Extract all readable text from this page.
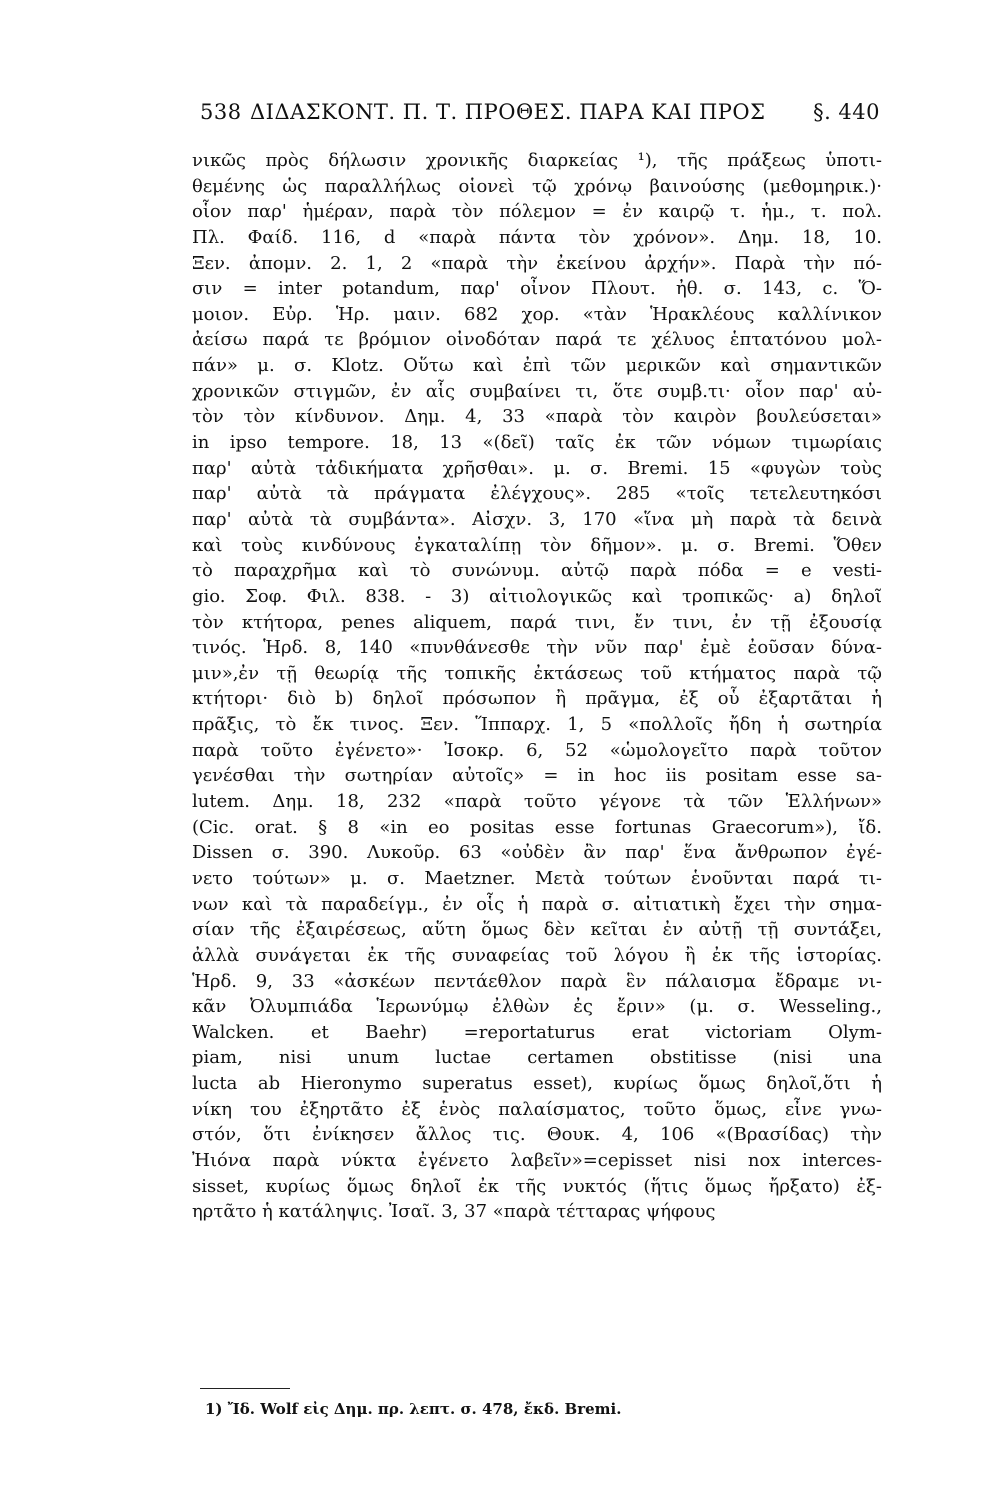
538 ΔΙΔΑΣΚΟΝΤ. Π. Τ. ΠΡΟΘΕΣ. ΠΑΡΑ ΚΑΙ ΠΡΟΣ §. 440
νικῶς πρὸς δήλωσιν χρονικῆς διαρκείας ¹), τῆς πράξεως ὑποτι-
θεμένης ὡς παραλλήλως οἱονεὶ τῷ χρόνῳ βαινούσης (μεθομηρικ.)·
οἷον παρ' ἡμέραν, παρὰ τὸν πόλεμον = ἐν καιρῷ τ. ἡμ., τ. πολ.
Πλ. Φαίδ. 116, d «παρὰ πάντα τὸν χρόνον». Δημ. 18, 10.
Ξεν. ἀπομν. 2. 1, 2 «παρὰ τὴν ἐκείνου ἀρχήν». Παρὰ τὴν πό-
σιν = inter potandum, παρ' οἶνον Πλουτ. ἠθ. σ. 143, c. Ὅ-
μοιον. Εὐρ. Ἡρ. μαιν. 682 χορ. «τὰν Ἡρακλέους καλλίνικον
ἀείσω παρά τε βρόμιον οἰνοδόταν παρά τε χέλυος ἑπτατόνου μολ-
πάν» μ. σ. Klotz. Οὕτω καὶ ἐπὶ τῶν μερικῶν καὶ σημαντικῶν
χρονικῶν στιγμῶν, ἐν αἷς συμβαίνει τι, ὅτε συμβ.τι· οἷον παρ' αὐ-
τὸν τὸν κίνδυνον. Δημ. 4, 33 «παρὰ τὸν καιρὸν βουλεύσεται»
in ipso tempore. 18, 13 «(δεῖ) ταῖς ἐκ τῶν νόμων τιμωρίαις
παρ' αὐτὰ τἀδικήματα χρῆσθαι». μ. σ. Bremi. 15 «φυγὼν τοὺς
παρ' αὐτὰ τὰ πράγματα ἐλέγχους». 285 «τοῖς τετελευτηκόσι
παρ' αὐτὰ τὰ συμβάντα». Αἰσχν. 3, 170 «ἵνα μὴ παρὰ τὰ δεινὰ
καὶ τοὺς κινδύνους ἐγκαταλίπῃ τὸν δῆμον». μ. σ. Bremi. Ὅθεν
τὸ παραχρῆμα καὶ τὸ συνώνυμ. αὐτῷ παρὰ πόδα = e vesti-
gio. Σοφ. Φιλ. 838. - 3) αἰτιολογικῶς καὶ τροπικῶς· a) δηλοῖ
τὸν κτήτορα, penes aliquem, παρά τινι, ἔν τινι, ἐν τῇ ἐξουσίᾳ
τινός. Ἡρδ. 8, 140 «πυνθάνεσθε τὴν νῦν παρ' ἐμὲ ἐοῦσαν δύνα-
μιν»,ἐν τῇ θεωρίᾳ τῆς τοπικῆς ἐκτάσεως τοῦ κτήματος παρὰ τῷ
κτήτορι· διὸ b) δηλοῖ πρόσωπον ἢ πρᾶγμα, ἐξ οὗ ἐξαρτᾶται ἡ
πρᾶξις, τὸ ἔκ τινος. Ξεν. Ἵππαρχ. 1, 5 «πολλοῖς ἤδη ἡ σωτηρία
παρὰ τοῦτο ἐγένετο»· Ἰσοκρ. 6, 52 «ὡμολογεῖτο παρὰ τοῦτον
γενέσθαι τὴν σωτηρίαν αὐτοῖς» = in hoc iis positam esse sa-
lutem. Δημ. 18, 232 «παρὰ τοῦτο γέγονε τὰ τῶν Ἑλλήνων»
(Cic. orat. § 8 «in eo positas esse fortunas Graecorum»), ἴδ.
Dissen σ. 390. Λυκοῦρ. 63 «οὐδὲν ἂν παρ' ἕνα ἄνθρωπον ἐγέ-
νετο τούτων» μ. σ. Maetzner. Μετὰ τούτων ἑνοῦνται παρά τι-
νων καὶ τὰ παραδείγμ., ἐν οἷς ἡ παρὰ σ. αἰτιατικὴ ἔχει τὴν σημα-
σίαν τῆς ἐξαιρέσεως, αὕτη ὅμως δὲν κεῖται ἐν αὐτῇ τῇ συντάξει,
ἀλλὰ συνάγεται ἐκ τῆς συναφείας τοῦ λόγου ἢ ἐκ τῆς ἱστορίας.
Ἡρδ. 9, 33 «ἀσκέων πεντάεθλον παρὰ ἓν πάλαισμα ἔδραμε νι-
κᾶν Ὀλυμπιάδα Ἱερωνύμῳ ἐλθὼν ἐς ἔριν» (μ. σ. Wesseling.,
Walcken. et Baehr) =reportaturus erat victoriam Olym-
piam, nisi unum luctae certamen obstitisse (nisi una
lucta ab Hieronymo superatus esset), κυρίως ὅμως δηλοῖ,ὅτι ἡ
νίκη του ἐξηρτᾶτο ἐξ ἑνὸς παλαίσματος, τοῦτο ὅμως, εἶνε γνω-
στόν, ὅτι ἐνίκησεν ἄλλος τις. Θουκ. 4, 106 «(Βρασίδας) τὴν
Ἠιόνα παρὰ νύκτα ἐγένετο λαβεῖν»=cepisset nisi nox interces-
sisset, κυρίως ὅμως δηλοῖ ἐκ τῆς νυκτός (ἥτις ὅμως ἤρξατο) ἐξ-
ηρτᾶτο ἡ κατάληψις. Ἰσαῖ. 3, 37 «παρὰ τέτταρας ψήφους
1) Ἴδ. Wolf εἰς Δημ. πρ. λεπτ. σ. 478, ἔκδ. Bremi.
